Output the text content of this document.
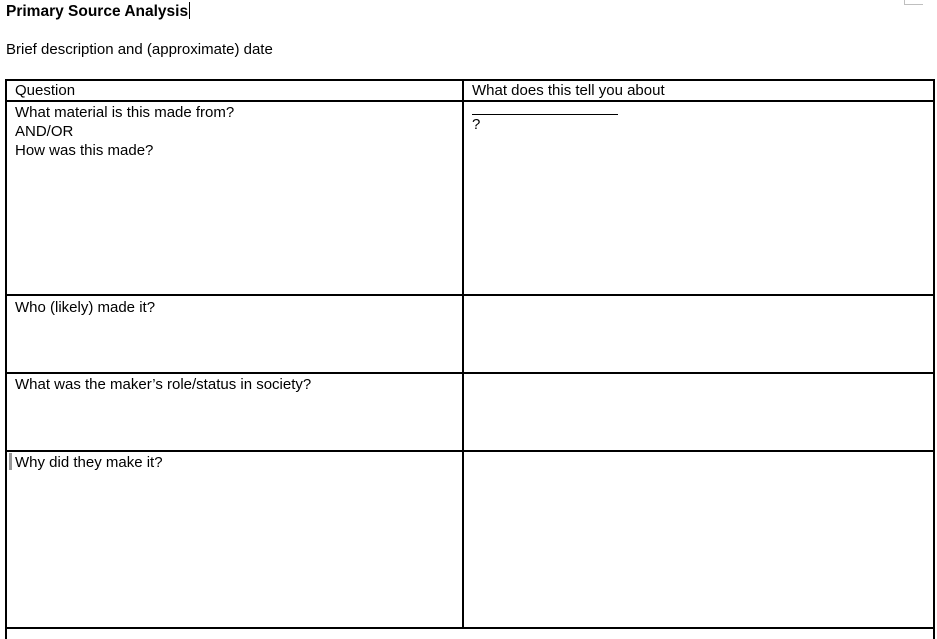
Primary Source Analysis
Brief description and (approximate) date
Question	What does this tell you about
?
What material is this made from?
AND/OR
How was this made?
Who (likely) made it?
What was the maker’s role/status in society?
Why did they make it?
